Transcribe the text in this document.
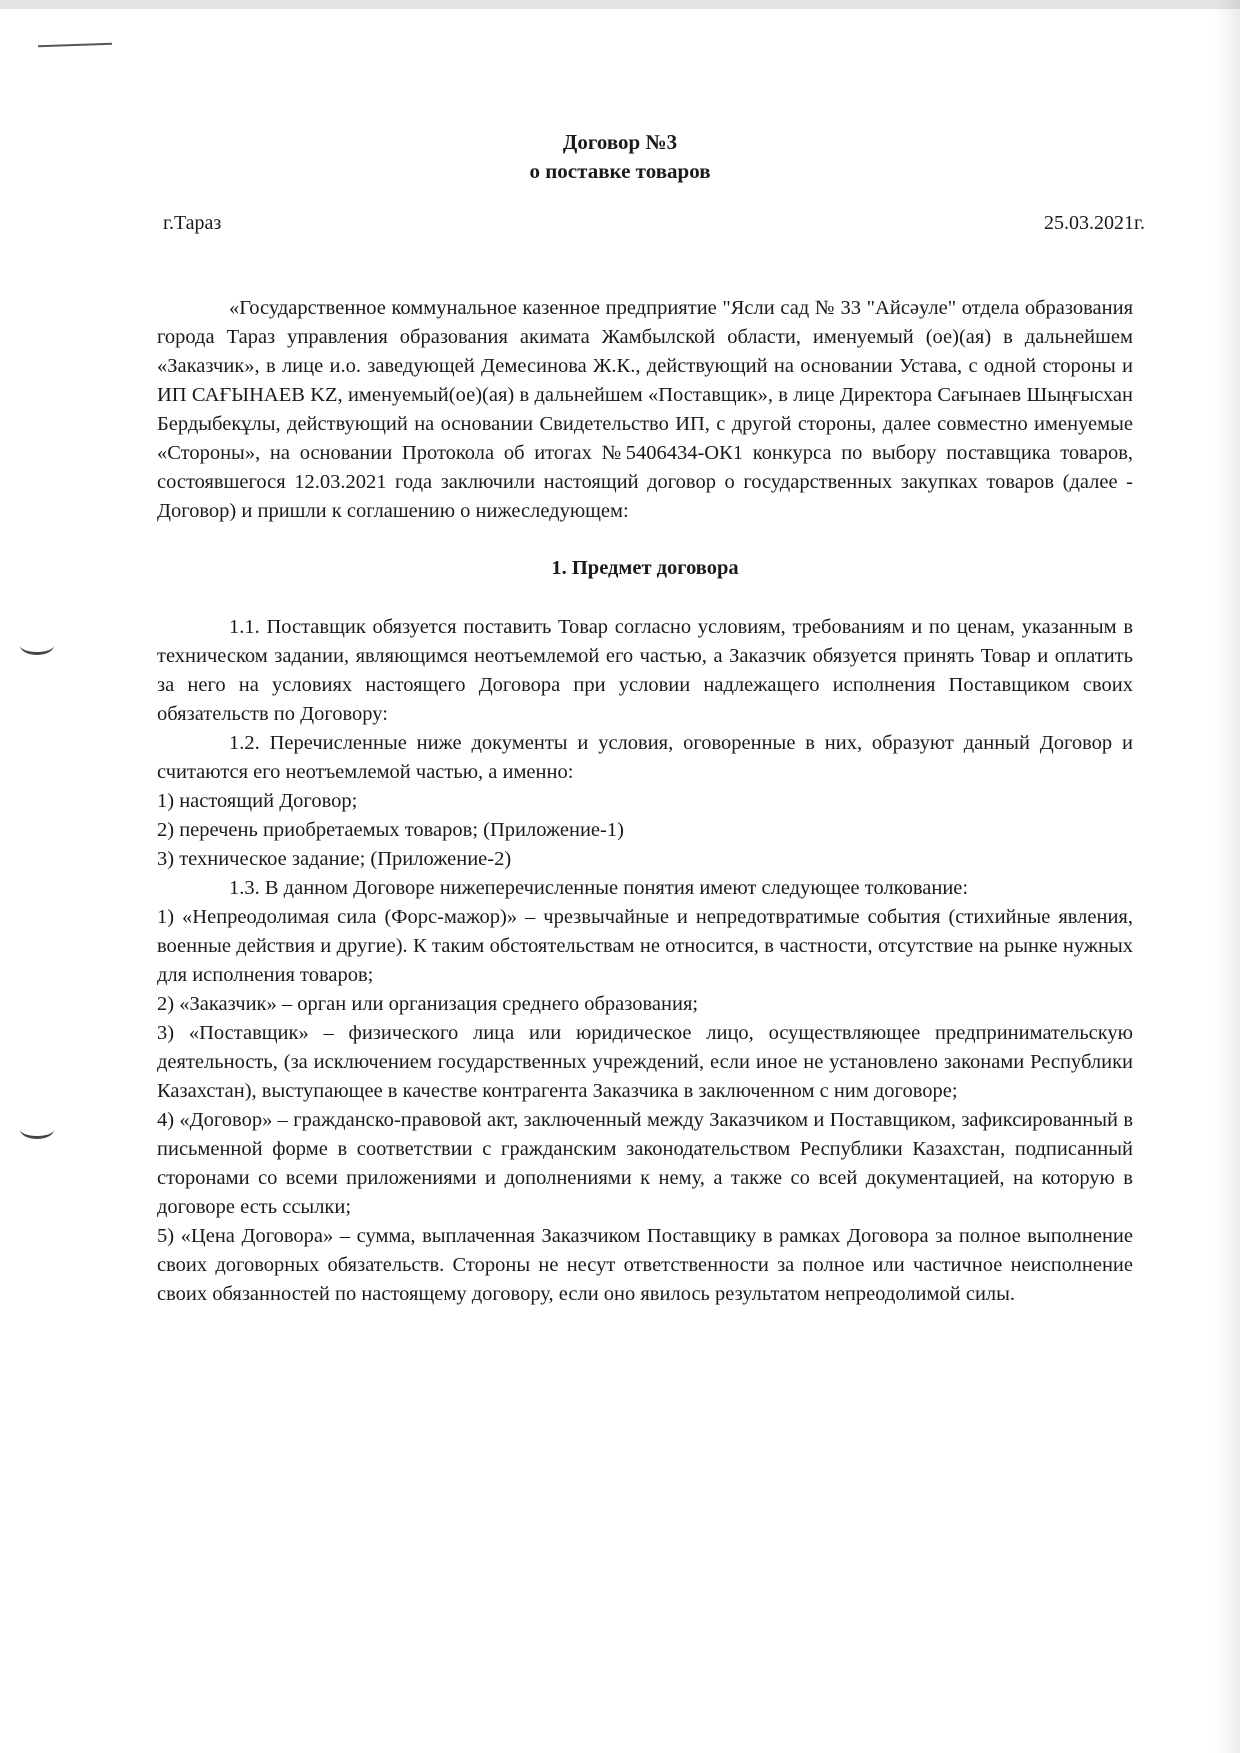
Договор №3
о поставке товаров
г.Тараз	25.03.2021г.

«Государственное коммунальное казенное предприятие "Ясли сад № 33 "Айсәуле" отдела образования города Тараз управления образования акимата Жамбылской области, именуемый (ое)(ая) в дальнейшем «Заказчик», в лице и.о. заведующей Демесинова Ж.К., действующий на основании Устава, с одной стороны и ИП САҒЫНАЕВ KZ, именуемый(ое)(ая) в дальнейшем «Поставщик», в лице Директора Сағынаев Шыңғысхан Бердыбекұлы, действующий на основании Свидетельство ИП, с другой стороны, далее совместно именуемые «Стороны», на основании Протокола об итогах №5406434-ОК1 конкурса по выбору поставщика товаров, состоявшегося 12.03.2021 года заключили настоящий договор о государственных закупках товаров (далее - Договор) и пришли к соглашению о нижеследующем:

1. Предмет договора

1.1. Поставщик обязуется поставить Товар согласно условиям, требованиям и по ценам, указанным в техническом задании, являющимся неотъемлемой его частью, а Заказчик обязуется принять Товар и оплатить за него на условиях настоящего Договора при условии надлежащего исполнения Поставщиком своих обязательств по Договору:

1.2. Перечисленные ниже документы и условия, оговоренные в них, образуют данный Договор и считаются его неотъемлемой частью, а именно:

1) настоящий Договор;

2) перечень приобретаемых товаров; (Приложение-1)

3) техническое задание; (Приложение-2)

1.3. В данном Договоре нижеперечисленные понятия имеют следующее толкование:

1) «Непреодолимая сила (Форс-мажор)» – чрезвычайные и непредотвратимые события (стихийные явления, военные действия и другие). К таким обстоятельствам не относится, в частности, отсутствие на рынке нужных для исполнения товаров;

2) «Заказчик» – орган или организация среднего образования;

3) «Поставщик» – физического лица или юридическое лицо, осуществляющее предпринимательскую деятельность, (за исключением государственных учреждений, если иное не установлено законами Республики Казахстан), выступающее в качестве контрагента Заказчика в заключенном с ним договоре;

4) «Договор» – гражданско-правовой акт, заключенный между Заказчиком и Поставщиком, зафиксированный в письменной форме в соответствии с гражданским законодательством Республики Казахстан, подписанный сторонами со всеми приложениями и дополнениями к нему, а также со всей документацией, на которую в договоре есть ссылки;

5) «Цена Договора» – сумма, выплаченная Заказчиком Поставщику в рамках Договора за полное выполнение своих договорных обязательств. Стороны не несут ответственности за полное или частичное неисполнение своих обязанностей по настоящему договору, если оно явилось результатом непреодолимой силы.
